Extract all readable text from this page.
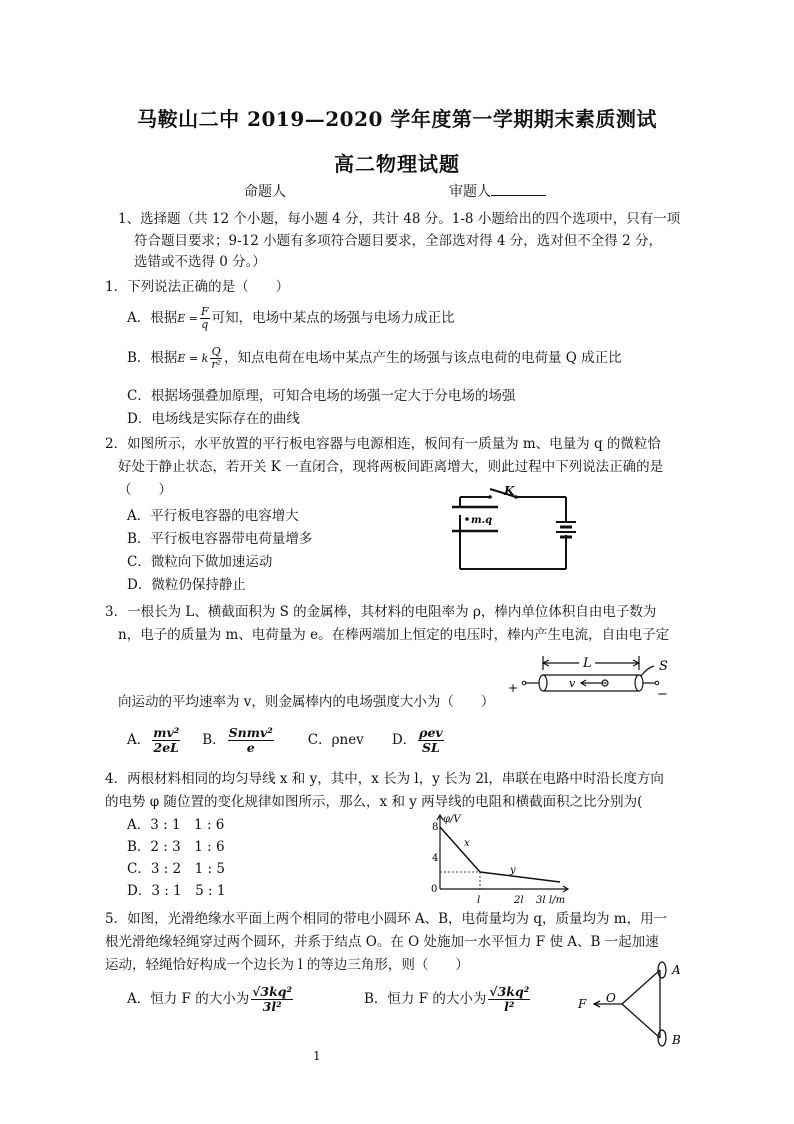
马鞍山二中 2019—2020 学年度第一学期期末素质测试
高二物理试题
命题人	审题人
1、选择题（共 12 个小题，每小题 4 分，共计 48 分。1-8 小题给出的四个选项中，只有一项
符合题目要求；9-12 小题有多项符合题目要求，全部选对得 4 分，选对但不全得 2 分，
选错或不选得 0 分。）
1．下列说法正确的是（　　）
A．根据$E = \frac{F}{q}$ 可知，电场中某点的场强与电场力成正比
B．根据E = k $\frac{Q}{\text{r²}}$ ，知点电荷在电场中某点产生的场强与该点电荷的电荷量 Q 成正比
C．根据场强叠加原理，可知合电场的场强一定大于分电场的场强
D．电场线是实际存在的曲线
2．如图所示，水平放置的平行板电容器与电源相连，板间有一质量为 m、电量为 q 的微粒恰
好处于静止状态，若开关 K 一直闭合，现将两板间距离增大，则此过程中下列说法正确的是
（　　）
A．平行板电容器的电容增大
B．平行板电容器带电荷量增多
C．微粒向下做加速运动
D．微粒仍保持静止
K
m.q
3．一根长为 L、横截面积为 S 的金属棒，其材料的电阻率为 ρ，棒内单位体积自由电子数为
n，电子的质量为 m、电荷量为 e。在棒两端加上恒定的电压时，棒内产生电流，自由电子定
向运动的平均速率为 v，则金属棒内的电场强度大小为（　　）
L	S
+	−
v
A． $\frac{\text{mv²}}{2eL}$ B． $\frac{\text{Snmv²}}{e}$	C．ρnev D． $\frac{\text{ρev}}{SL}$
4．两根材料相同的均匀导线 x 和 y，其中，x 长为 l，y 长为 2l，串联在电路中时沿长度方向
的电势 φ 随位置的变化规律如图所示，那么，x 和 y 两导线的电阻和横截面积之比分别为(
A．3 : 1　1 : 6
B．2 : 3　1 : 6
C．3 : 2　1 : 5
D．3 : 1　5 : 1
φ/V
8
4
0
l	2l 3l l/m
x
y
5．如图，光滑绝缘水平面上两个相同的带电小圆环 A、B，电荷量均为 q，质量均为 m，用一
根光滑绝缘轻绳穿过两个圆环，并系于结点 O。在 O 处施加一水平恒力 F 使 A、B 一起加速
运动，轻绳恰好构成一个边长为 l 的等边三角形，则（　　）
A．恒力 F 的大小为 $\frac{\text{√3kq²}}{\text{3l²}}$	B．恒力 F 的大小为 $\frac{\text{√3kq²}}{\text{l²}}$
A
B
O
F
1
